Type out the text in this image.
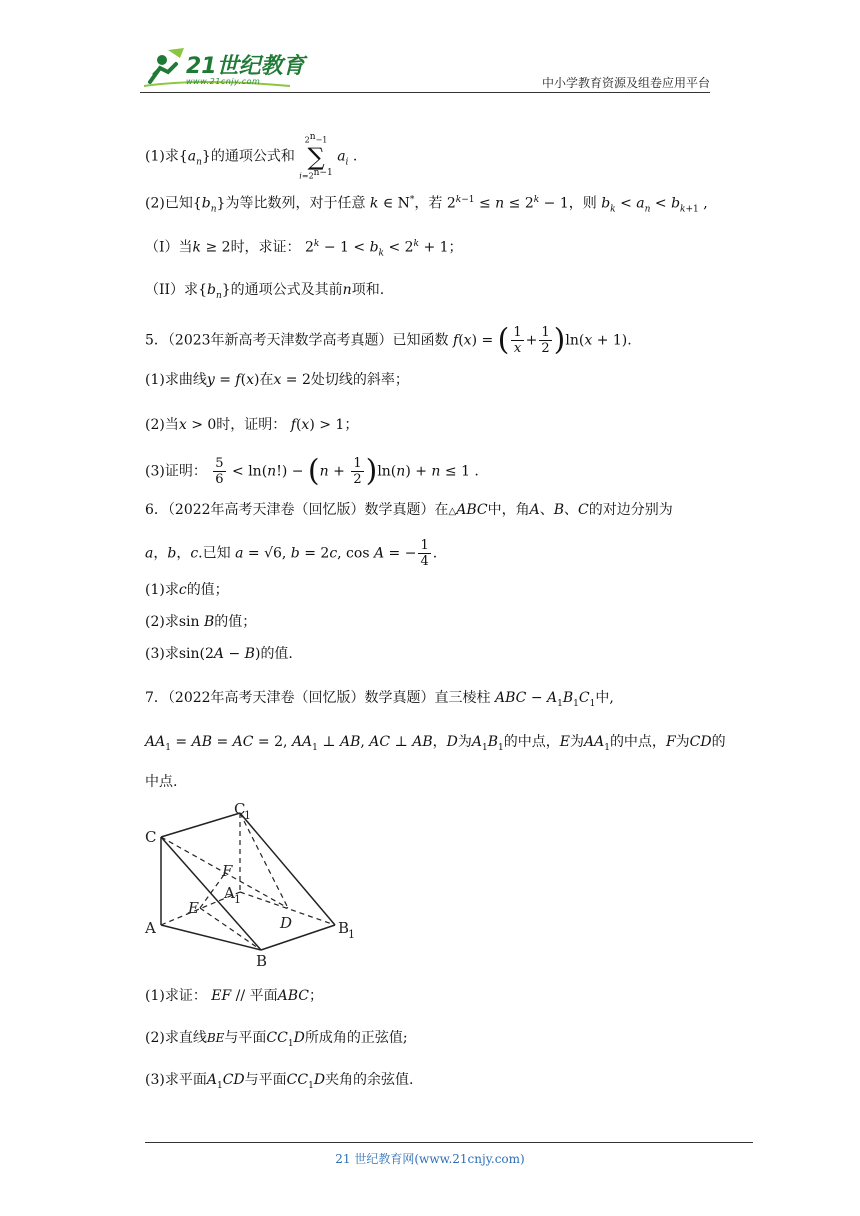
21世纪教育
www.21cnjy.com	中小学教育资源及组卷应用平台
(1)求$\{a_n\}$的通项公式和
$2^n-1$
∑
$i=2^{n-1}$
$a_i$ .
(2)已知$\{b_n\}$为等比数列，对于任意 k ∈ N*，若 $2^{k-1} \le n \le 2^k - 1$，则 $b_k < a_n < b_{k+1}$ ,
（I）当k ≥ 2时，求证： $2^k - 1 < b_k < 2^k + 1$；
（II）求$\{b_n\}$的通项公式及其前n项和.
5．（2023年新高考天津数学高考真题）已知函数 f(x) = ( $\frac{1}{x} + \frac{1}{2} )\ln(x + 1)$.
(1)求曲线y = f(x)在x = 2处切线的斜率；
(2)当x > 0时，证明： f(x) > 1；
(3)证明： $\frac{5}{6} < \ln(n!) - (n + \frac{1}{2} )\ln(n) + n \le 1$ .
6．（2022年高考天津卷（回忆版）数学真题）在△ABC中，角A、B、C的对边分别为
a，b，c.已知 a = √6, b = 2c, cos A = − $\frac{1}{4}$ .
(1)求c的值；
(2)求sin B的值；
(3)求sin(2A − B)的值.
7．（2022年高考天津卷（回忆版）数学真题）直三棱柱 ABC − $A_1B_1C_1$中,
$AA_1$ = AB = AC = 2, $AA_1$ ⊥ AB, AC ⊥ AB，D为$A_1B_1$的中点，E为$AA_1$的中点，F为CD的
中点.
C
C
1
A
A 1
B
B
1
D
E
F
(1)求证： EF // 平面ABC；
(2)求直线BE与平面$CC_1D$所成角的正弦值;
(3)求平面$A_1CD$与平面$CC_1D$夹角的余弦值.
21 世纪教育网(www.21cnjy.com)
